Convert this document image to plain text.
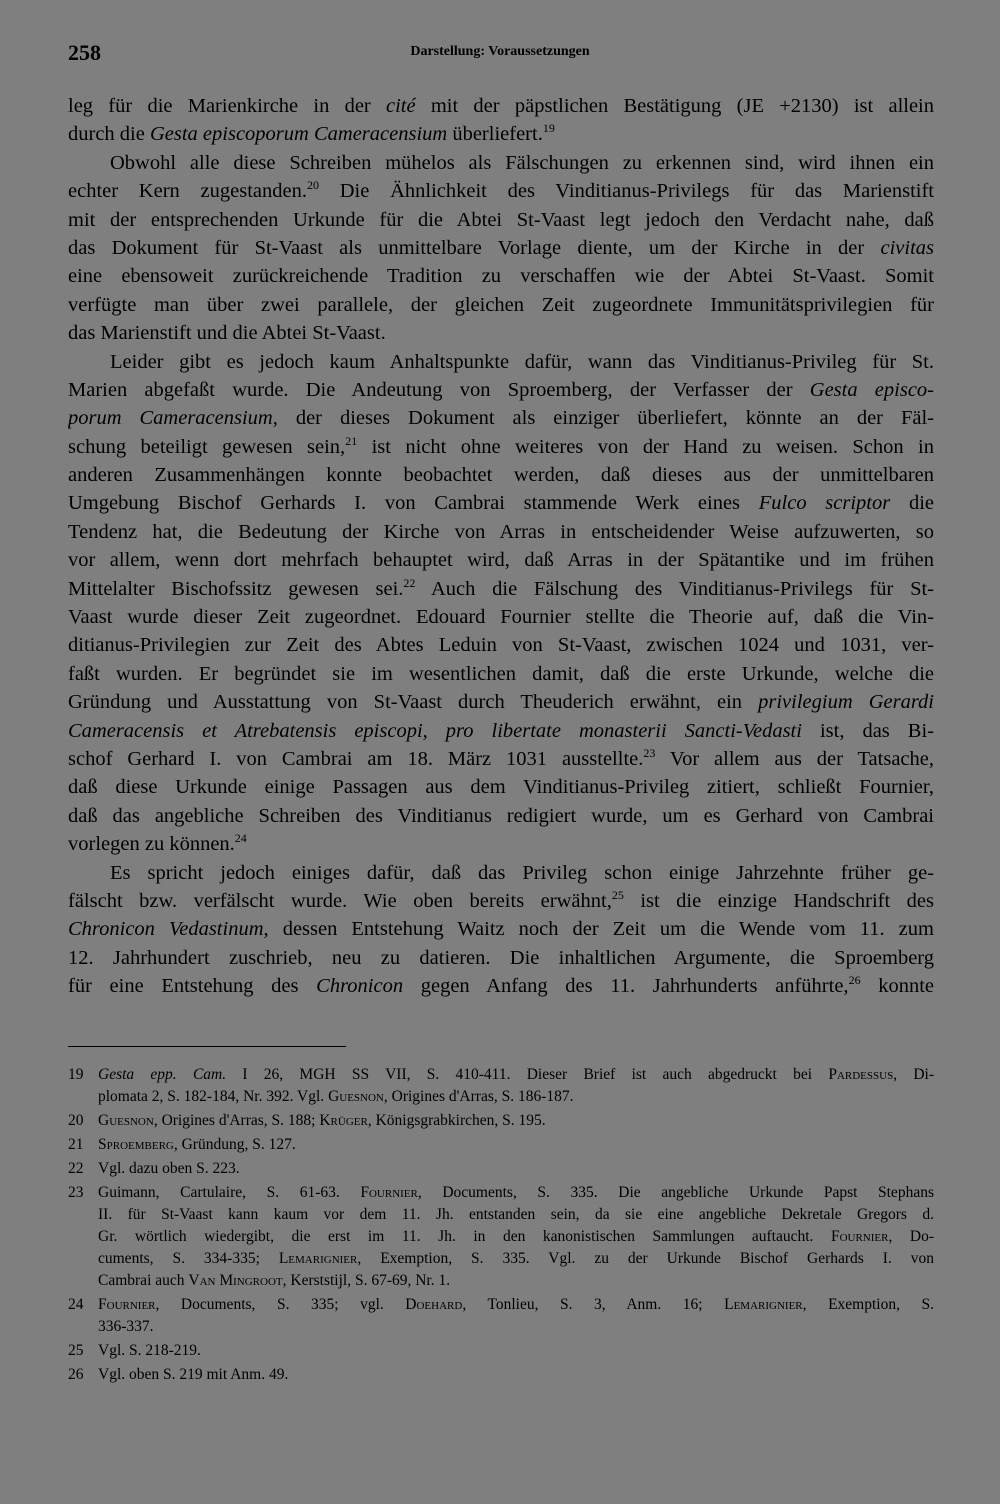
258	Darstellung: Voraussetzungen
leg für die Marienkirche in der cité mit der päpstlichen Bestätigung (JE +2130) ist allein
durch die Gesta episcoporum Cameracensium überliefert.$^{19}$
Obwohl alle diese Schreiben mühelos als Fälschungen zu erkennen sind, wird ihnen ein
echter Kern zugestanden.$^{20}$ Die Ähnlichkeit des Vinditianus-Privilegs für das Marienstift
mit der entsprechenden Urkunde für die Abtei St-Vaast legt jedoch den Verdacht nahe, daß
das Dokument für St-Vaast als unmittelbare Vorlage diente, um der Kirche in der civitas
eine ebensoweit zurückreichende Tradition zu verschaffen wie der Abtei St-Vaast. Somit
verfügte man über zwei parallele, der gleichen Zeit zugeordnete Immunitätsprivilegien für
das Marienstift und die Abtei St-Vaast.
Leider gibt es jedoch kaum Anhaltspunkte dafür, wann das Vinditianus-Privileg für St.
Marien abgefaßt wurde. Die Andeutung von Sproemberg, der Verfasser der Gesta episco-
porum Cameracensium, der dieses Dokument als einziger überliefert, könnte an der Fäl-
schung beteiligt gewesen sein,$^{21}$ ist nicht ohne weiteres von der Hand zu weisen. Schon in
anderen Zusammenhängen konnte beobachtet werden, daß dieses aus der unmittelbaren
Umgebung Bischof Gerhards I. von Cambrai stammende Werk eines Fulco scriptor die
Tendenz hat, die Bedeutung der Kirche von Arras in entscheidender Weise aufzuwerten, so
vor allem, wenn dort mehrfach behauptet wird, daß Arras in der Spätantike und im frühen
Mittelalter Bischofssitz gewesen sei.$^{22}$ Auch die Fälschung des Vinditianus-Privilegs für St-
Vaast wurde dieser Zeit zugeordnet. Edouard Fournier stellte die Theorie auf, daß die Vin-
ditianus-Privilegien zur Zeit des Abtes Leduin von St-Vaast, zwischen 1024 und 1031, ver-
faßt wurden. Er begründet sie im wesentlichen damit, daß die erste Urkunde, welche die
Gründung und Ausstattung von St-Vaast durch Theuderich erwähnt, ein privilegium Gerardi
Cameracensis et Atrebatensis episcopi, pro libertate monasterii Sancti-Vedasti ist, das Bi-
schof Gerhard I. von Cambrai am 18. März 1031 ausstellte.$^{23}$ Vor allem aus der Tatsache,
daß diese Urkunde einige Passagen aus dem Vinditianus-Privileg zitiert, schließt Fournier,
daß das angebliche Schreiben des Vinditianus redigiert wurde, um es Gerhard von Cambrai
vorlegen zu können.$^{24}$
Es spricht jedoch einiges dafür, daß das Privileg schon einige Jahrzehnte früher ge-
fälscht bzw. verfälscht wurde. Wie oben bereits erwähnt,$^{25}$ ist die einzige Handschrift des
Chronicon Vedastinum, dessen Entstehung Waitz noch der Zeit um die Wende vom 11. zum
12. Jahrhundert zuschrieb, neu zu datieren. Die inhaltlichen Argumente, die Sproemberg
für eine Entstehung des Chronicon gegen Anfang des 11. Jahrhunderts anführte,$^{26}$ konnte
19 Gesta epp. Cam. I 26, MGH SS VII, S. 410-411. Dieser Brief ist auch abgedruckt bei Pardessus, Di-
plomata 2, S. 182-184, Nr. 392. Vgl. Guesnon, Origines d'Arras, S. 186-187.
20 Guesnon, Origines d'Arras, S. 188; Krüger, Königsgrabkirchen, S. 195.
21 Sproemberg, Gründung, S. 127.
22 Vgl. dazu oben S. 223.
23 Guimann, Cartulaire, S. 61-63. Fournier, Documents, S. 335. Die angebliche Urkunde Papst Stephans
II. für St-Vaast kann kaum vor dem 11. Jh. entstanden sein, da sie eine angebliche Dekretale Gregors d.
Gr. wörtlich wiedergibt, die erst im 11. Jh. in den kanonistischen Sammlungen auftaucht. Fournier, Do-
cuments, S. 334-335; Lemarignier, Exemption, S. 335. Vgl. zu der Urkunde Bischof Gerhards I. von
Cambrai auch Van Mingroot, Kerststijl, S. 67-69, Nr. 1.
24 Fournier, Documents, S. 335; vgl. Doehard, Tonlieu, S. 3, Anm. 16; Lemarignier, Exemption, S.
336-337.
25 Vgl. S. 218-219.
26 Vgl. oben S. 219 mit Anm. 49.
